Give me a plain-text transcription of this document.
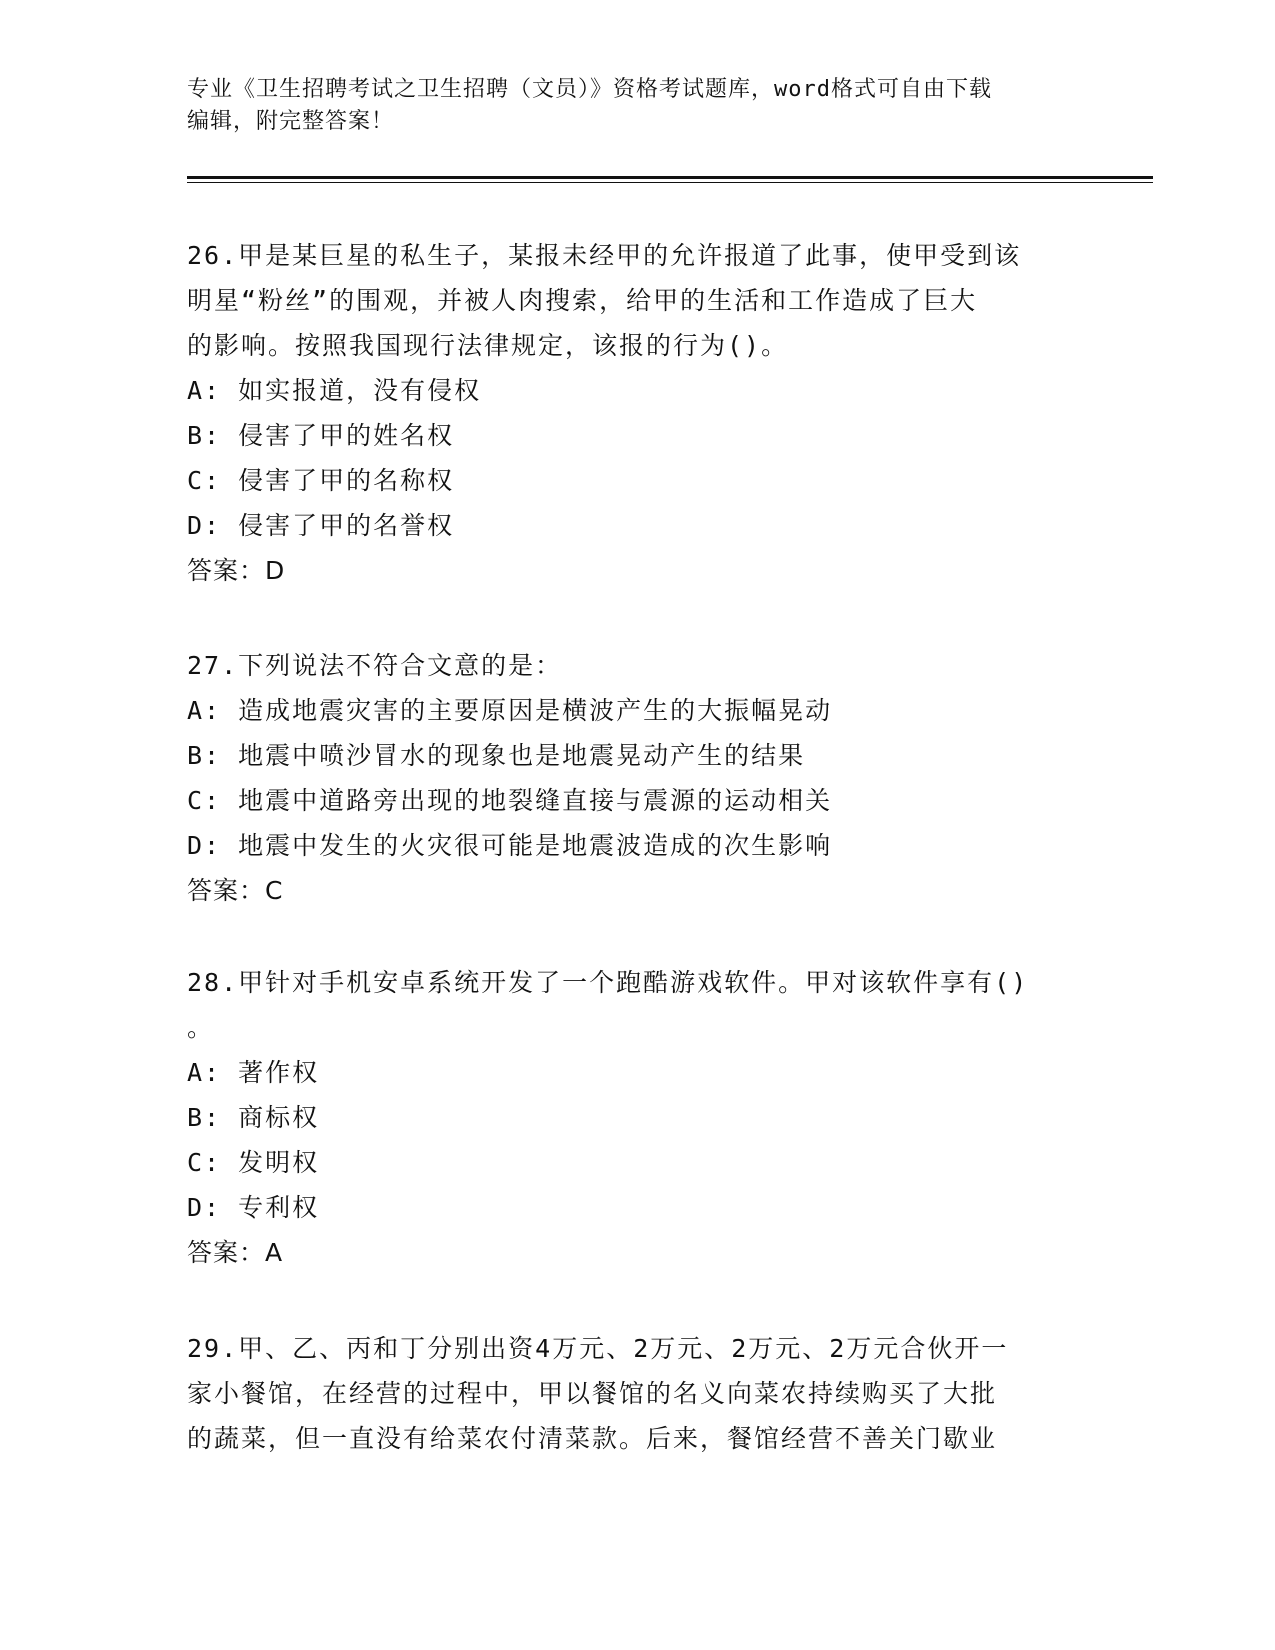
专业《卫生招聘考试之卫生招聘（文员）》资格考试题库，word格式可自由下载
编辑，附完整答案！
26.甲是某巨星的私生子，某报未经甲的允许报道了此事，使甲受到该
明星“粉丝”的围观，并被人肉搜索，给甲的生活和工作造成了巨大
的影响。按照我国现行法律规定，该报的行为()。
A: 如实报道，没有侵权
B: 侵害了甲的姓名权
C: 侵害了甲的名称权
D: 侵害了甲的名誉权
答案：D
27.下列说法不符合文意的是：
A: 造成地震灾害的主要原因是横波产生的大振幅晃动
B: 地震中喷沙冒水的现象也是地震晃动产生的结果
C: 地震中道路旁出现的地裂缝直接与震源的运动相关
D: 地震中发生的火灾很可能是地震波造成的次生影响
答案：C
28.甲针对手机安卓系统开发了一个跑酷游戏软件。甲对该软件享有()
。
A: 著作权
B: 商标权
C: 发明权
D: 专利权
答案：A
29.甲、乙、丙和丁分别出资4万元、2万元、2万元、2万元合伙开一
家小餐馆，在经营的过程中，甲以餐馆的名义向菜农持续购买了大批
的蔬菜，但一直没有给菜农付清菜款。后来，餐馆经营不善关门歇业
